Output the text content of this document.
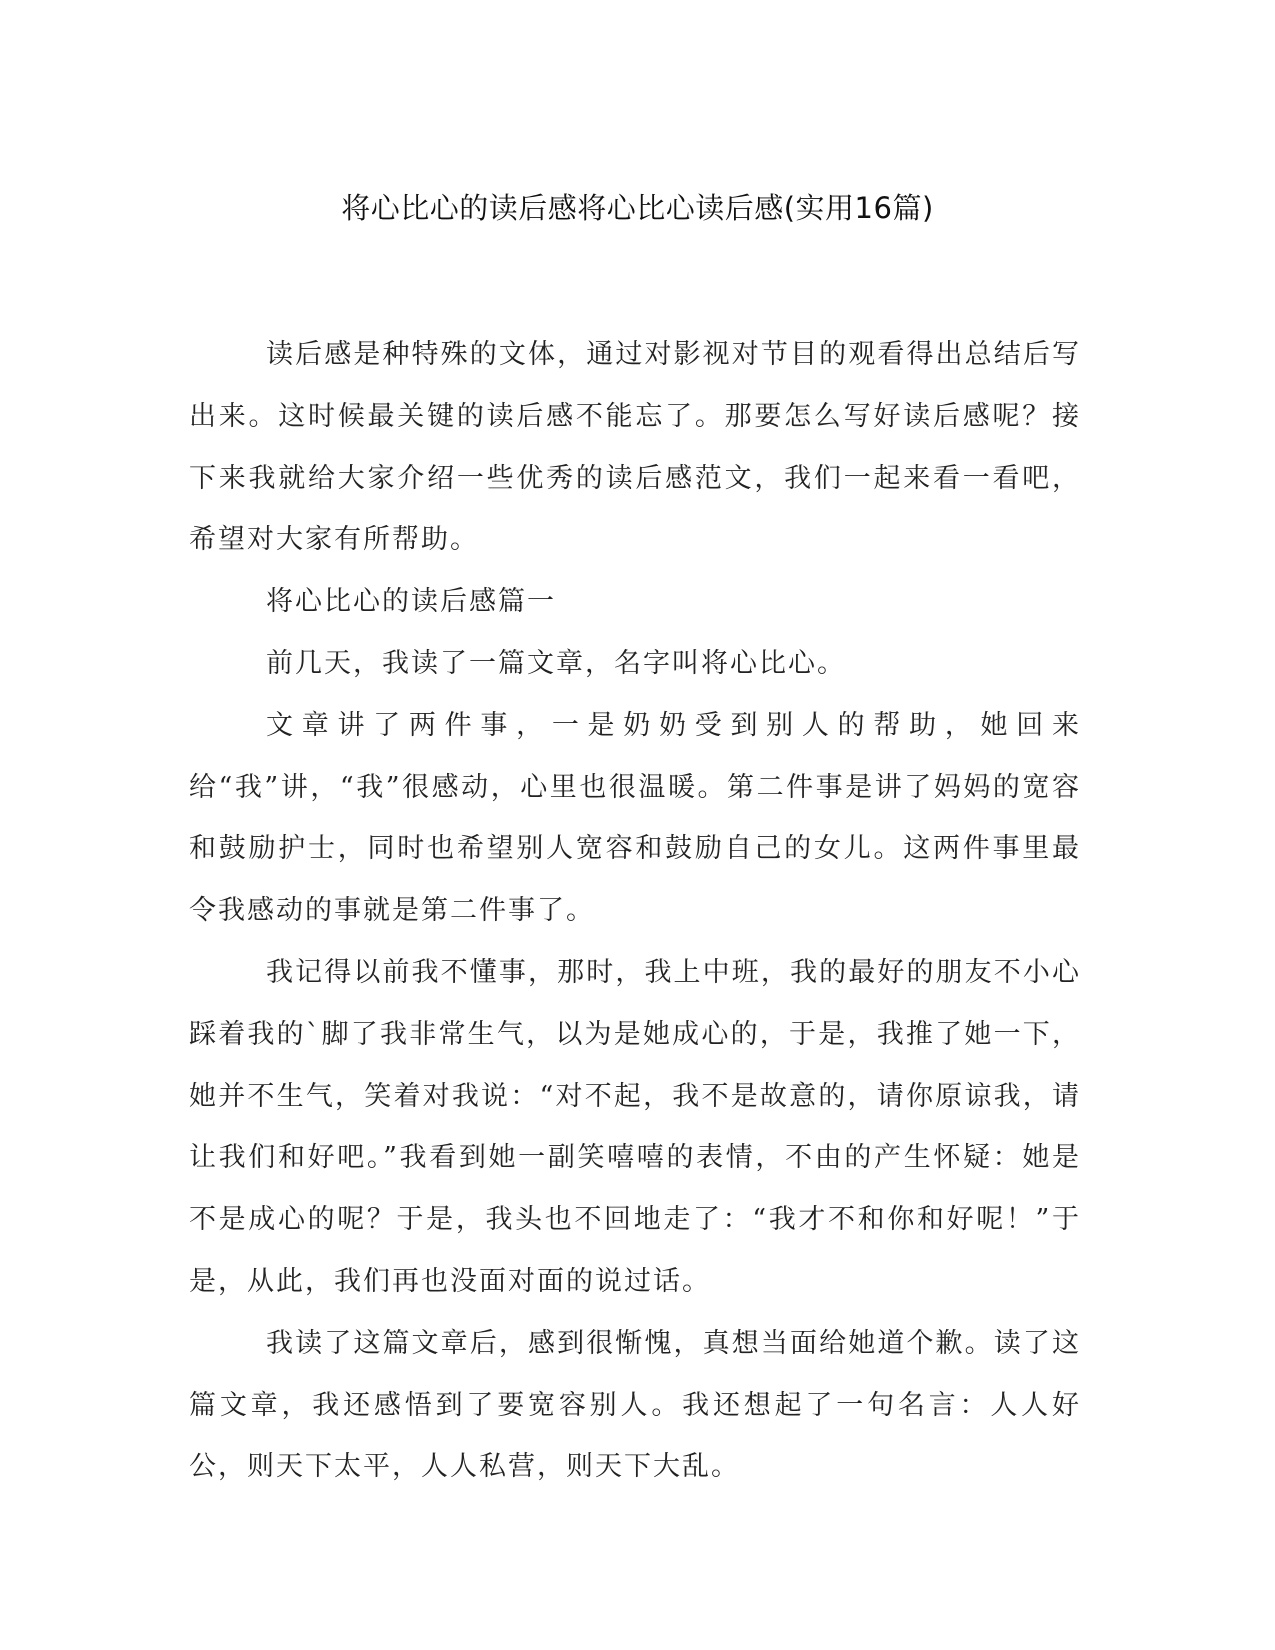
将心比心的读后感将心比心读后感(实用16篇)

读后感是种特殊的文体，通过对影视对节目的观看得出总结后写出来。这时候最关键的读后感不能忘了。那要怎么写好读后感呢？接下来我就给大家介绍一些优秀的读后感范文，我们一起来看一看吧，希望对大家有所帮助。

将心比心的读后感篇一

前几天，我读了一篇文章，名字叫将心比心。

文章讲了两件事，一是奶奶受到别人的帮助，她回来给“我”讲，“我”很感动，心里也很温暖。第二件事是讲了妈妈的宽容和鼓励护士，同时也希望别人宽容和鼓励自己的女儿。这两件事里最令我感动的事就是第二件事了。

我记得以前我不懂事，那时，我上中班，我的最好的朋友不小心踩着我的`脚了我非常生气，以为是她成心的，于是，我推了她一下，她并不生气，笑着对我说：“对不起，我不是故意的，请你原谅我，请让我们和好吧。”我看到她一副笑嘻嘻的表情，不由的产生怀疑：她是不是成心的呢？于是，我头也不回地走了：“我才不和你和好呢！”于是，从此，我们再也没面对面的说过话。

我读了这篇文章后，感到很惭愧，真想当面给她道个歉。读了这篇文章，我还感悟到了要宽容别人。我还想起了一句名言：人人好公，则天下太平，人人私营，则天下大乱。
